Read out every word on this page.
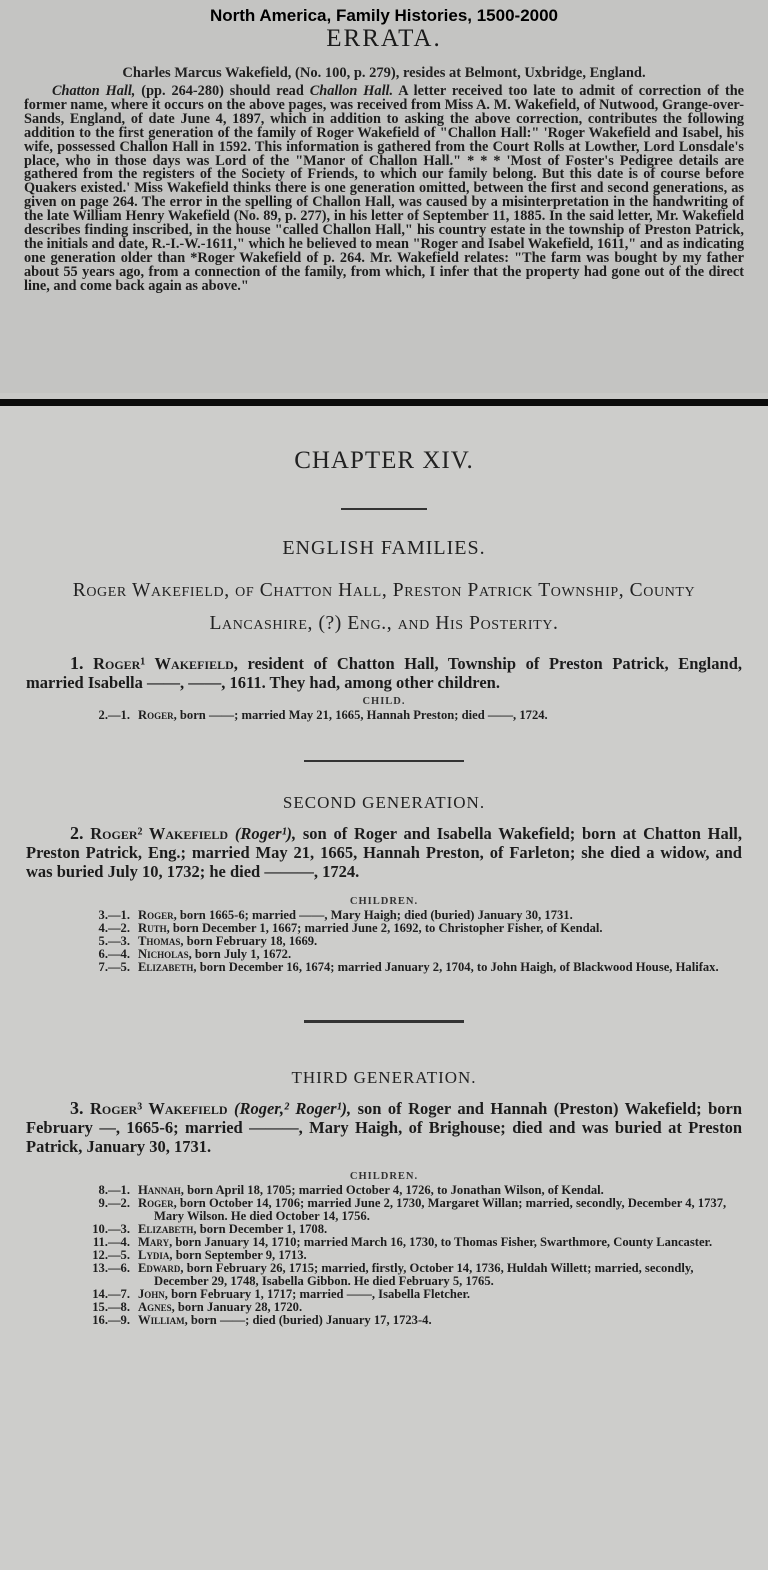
North America, Family Histories, 1500-2000
ERRATA.

Charles Marcus Wakefield, (No. 100, p. 279), resides at Belmont, Uxbridge, England.

Chatton Hall, (pp. 264-280) should read Challon Hall. A letter received too late to admit of correction of the former name, where it occurs on the above pages, was received from Miss A. M. Wakefield, of Nutwood, Grange-over-Sands, England, of date June 4, 1897, which in addition to asking the above correction, contributes the following addition to the first generation of the family of Roger Wakefield of "Challon Hall:" 'Roger Wakefield and Isabel, his wife, possessed Challon Hall in 1592. This information is gathered from the Court Rolls at Lowther, Lord Lonsdale's place, who in those days was Lord of the "Manor of Challon Hall." * * * 'Most of Foster's Pedigree details are gathered from the registers of the Society of Friends, to which our family belong. But this date is of course before Quakers existed.' Miss Wakefield thinks there is one generation omitted, between the first and second generations, as given on page 264. The error in the spelling of Challon Hall, was caused by a misinterpretation in the handwriting of the late William Henry Wakefield (No. 89, p. 277), in his letter of September 11, 1885. In the said letter, Mr. Wakefield describes finding inscribed, in the house "called Challon Hall," his country estate in the township of Preston Patrick, the initials and date, R.-I.-W.-1611," which he believed to mean "Roger and Isabel Wakefield, 1611," and as indicating one generation older than *Roger Wakefield of p. 264. Mr. Wakefield relates: "The farm was bought by my father about 55 years ago, from a connection of the family, from which, I infer that the property had gone out of the direct line, and come back again as above."

CHAPTER XIV.
ENGLISH FAMILIES.
Roger Wakefield, of Chatton Hall, Preston Patrick Township, County Lancashire, (?) Eng., and His Posterity.

1. Roger¹ Wakefield, resident of Chatton Hall, Township of Preston Patrick, England, married Isabella ——, ——, 1611. They had, among other children.

CHILD.
2.—1. Roger, born ——; married May 21, 1665, Hannah Preston; died ——, 1724.
SECOND GENERATION.

2. Roger² Wakefield (Roger¹), son of Roger and Isabella Wakefield; born at Chatton Hall, Preston Patrick, Eng.; married May 21, 1665, Hannah Preston, of Farleton; she died a widow, and was buried July 10, 1732; he died ———, 1724.

CHILDREN.
3.—1. Roger, born 1665-6; married ——, Mary Haigh; died (buried) January 30, 1731.
4.—2. Ruth, born December 1, 1667; married June 2, 1692, to Christopher Fisher, of Kendal.
5.—3. Thomas, born February 18, 1669.
6.—4. Nicholas, born July 1, 1672.
7.—5. Elizabeth, born December 16, 1674; married January 2, 1704, to John Haigh, of Blackwood House, Halifax.
THIRD GENERATION.

3. Roger³ Wakefield (Roger,² Roger¹), son of Roger and Hannah (Preston) Wakefield; born February —, 1665-6; married ———, Mary Haigh, of Brighouse; died and was buried at Preston Patrick, January 30, 1731.

CHILDREN.
8.—1. Hannah, born April 18, 1705; married October 4, 1726, to Jonathan Wilson, of Kendal.
9.—2. Roger, born October 14, 1706; married June 2, 1730, Margaret Willan; married, secondly, December 4, 1737, Mary Wilson. He died October 14, 1756.
10.—3. Elizabeth, born December 1, 1708.
11.—4. Mary, born January 14, 1710; married March 16, 1730, to Thomas Fisher, Swarthmore, County Lancaster.
12.—5. Lydia, born September 9, 1713.
13.—6. Edward, born February 26, 1715; married, firstly, October 14, 1736, Huldah Willett; married, secondly, December 29, 1748, Isabella Gibbon. He died February 5, 1765.
14.—7. John, born February 1, 1717; married ——, Isabella Fletcher.
15.—8. Agnes, born January 28, 1720.
16.—9. William, born ——; died (buried) January 17, 1723-4.
